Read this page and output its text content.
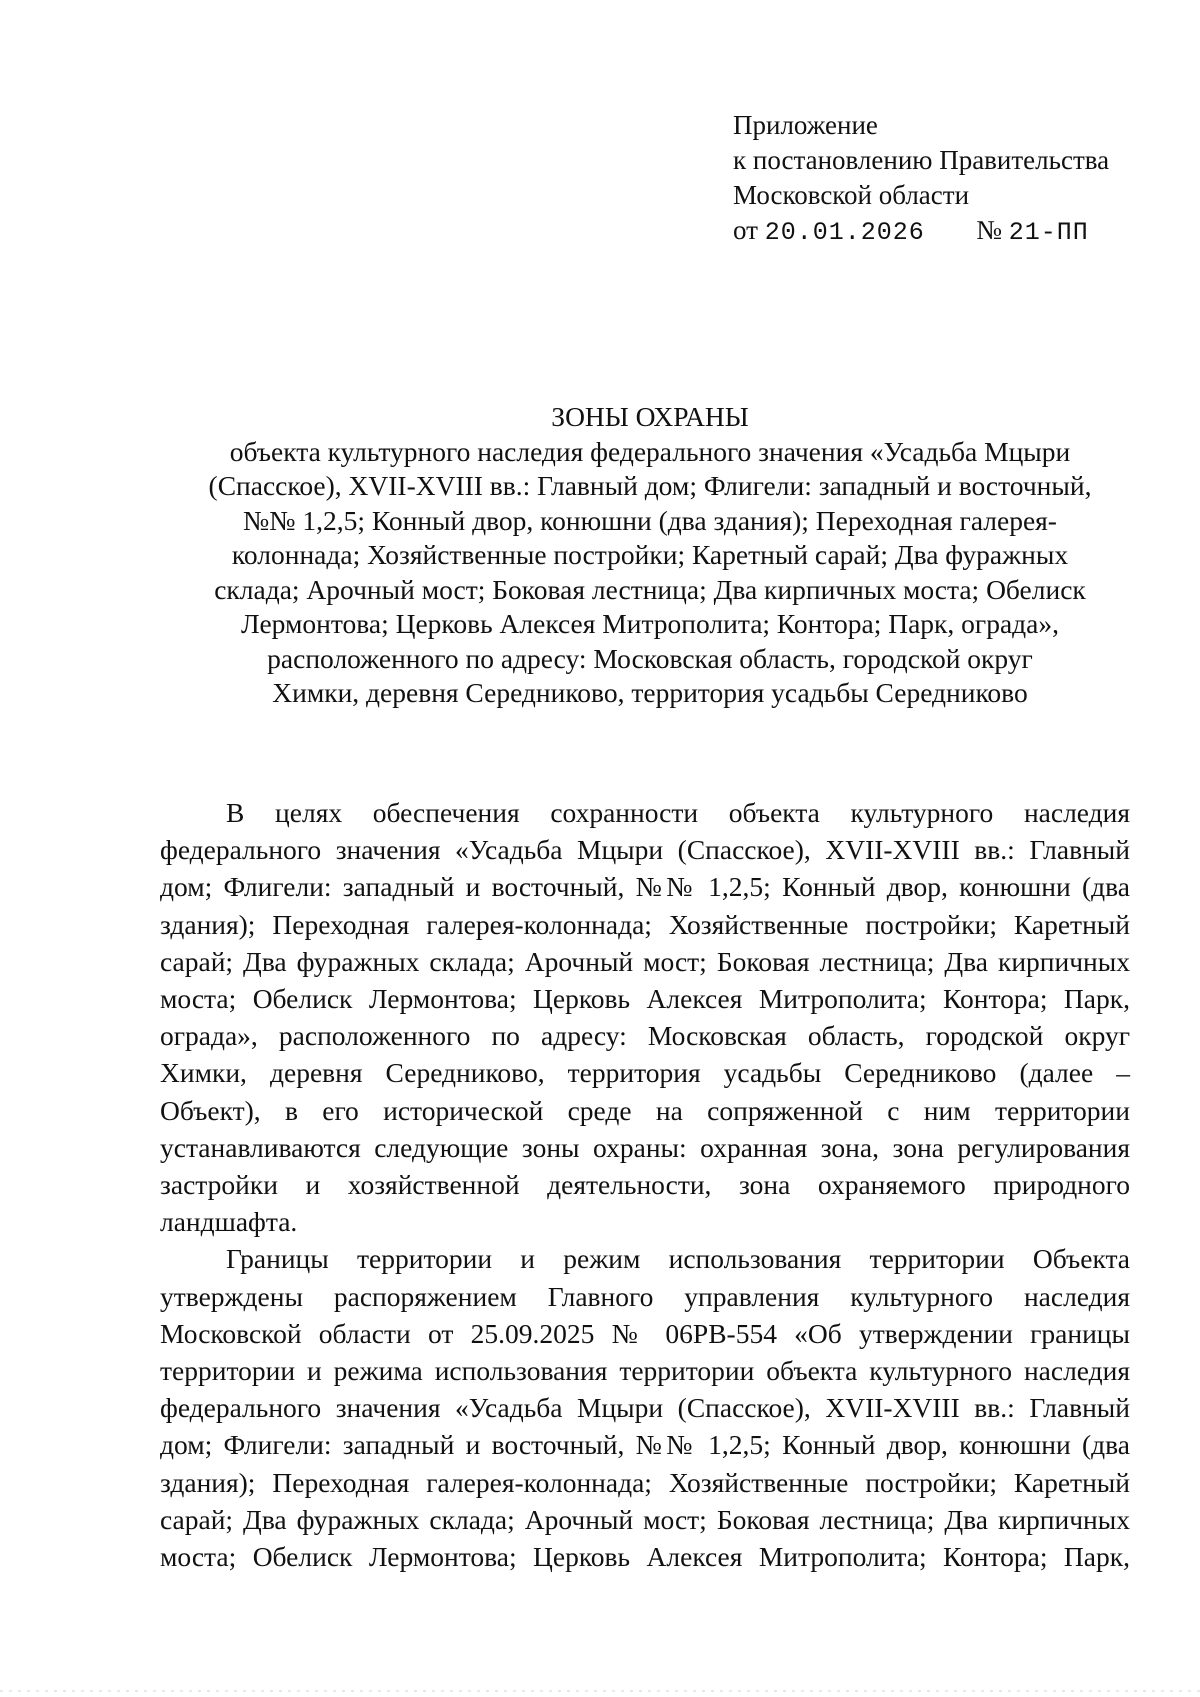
Приложение
к постановлению Правительства
Московской области
от 20.01.2026 № 21-ПП
ЗОНЫ ОХРАНЫ
объекта культурного наследия федерального значения «Усадьба Мцыри
(Спасское), XVII-XVIII вв.: Главный дом; Флигели: западный и восточный,
№№ 1,2,5; Конный двор, конюшни (два здания); Переходная галерея-
колоннада; Хозяйственные постройки; Каретный сарай; Два фуражных
склада; Арочный мост; Боковая лестница; Два кирпичных моста; Обелиск
Лермонтова; Церковь Алексея Митрополита; Контора; Парк, ограда»,
расположенного по адресу: Московская область, городской округ
Химки, деревня Середниково, территория усадьбы Середниково
В целях обеспечения сохранности объекта культурного наследия
федерального значения «Усадьба Мцыри (Спасское), XVII-XVIII вв.: Главный
дом; Флигели: западный и восточный, №№ 1,2,5; Конный двор, конюшни (два
здания); Переходная галерея-колоннада; Хозяйственные постройки; Каретный
сарай; Два фуражных склада; Арочный мост; Боковая лестница; Два кирпичных
моста; Обелиск Лермонтова; Церковь Алексея Митрополита; Контора; Парк,
ограда», расположенного по адресу: Московская область, городской округ
Химки, деревня Середниково, территория усадьбы Середниково (далее –
Объект), в его исторической среде на сопряженной с ним территории
устанавливаются следующие зоны охраны: охранная зона, зона регулирования
застройки и хозяйственной деятельности, зона охраняемого природного
ландшафта.
Границы территории и режим использования территории Объекта
утверждены распоряжением Главного управления культурного наследия
Московской области от 25.09.2025 № 06РВ-554 «Об утверждении границы
территории и режима использования территории объекта культурного наследия
федерального значения «Усадьба Мцыри (Спасское), XVII-XVIII вв.: Главный
дом; Флигели: западный и восточный, №№ 1,2,5; Конный двор, конюшни (два
здания); Переходная галерея-колоннада; Хозяйственные постройки; Каретный
сарай; Два фуражных склада; Арочный мост; Боковая лестница; Два кирпичных
моста; Обелиск Лермонтова; Церковь Алексея Митрополита; Контора; Парк,
